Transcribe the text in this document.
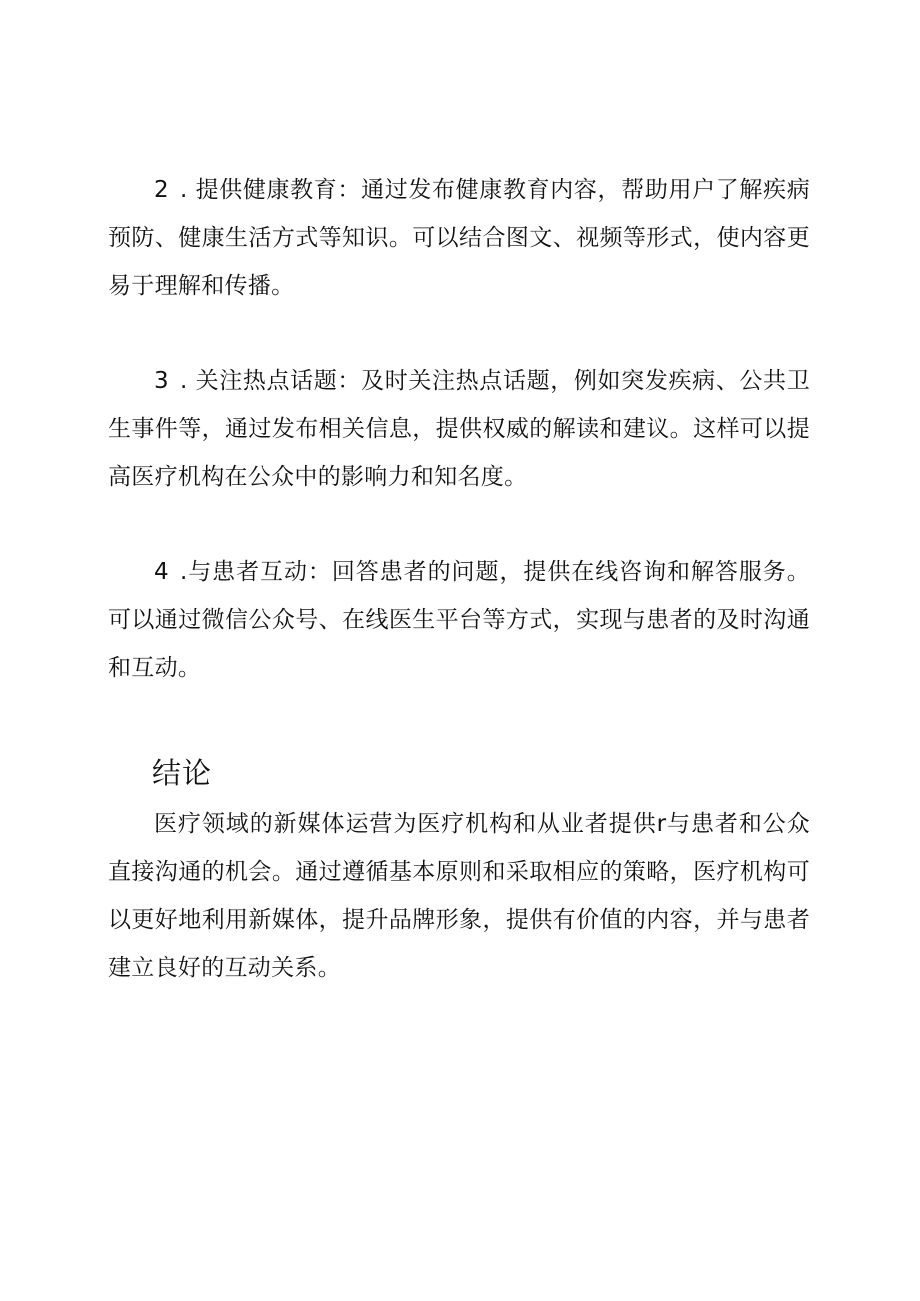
2 . 提供健康教育：通过发布健康教育内容，帮助用户了解疾病预防、健康生活方式等知识。可以结合图文、视频等形式，使内容更易于理解和传播。

3 . 关注热点话题：及时关注热点话题，例如突发疾病、公共卫生事件等，通过发布相关信息，提供权威的解读和建议。这样可以提高医疗机构在公众中的影响力和知名度。

4 .与患者互动：回答患者的问题，提供在线咨询和解答服务。可以通过微信公众号、在线医生平台等方式，实现与患者的及时沟通和互动。

结论

医疗领域的新媒体运营为医疗机构和从业者提供r与患者和公众直接沟通的机会。通过遵循基本原则和采取相应的策略，医疗机构可以更好地利用新媒体，提升品牌形象，提供有价值的内容，并与患者建立良好的互动关系。
